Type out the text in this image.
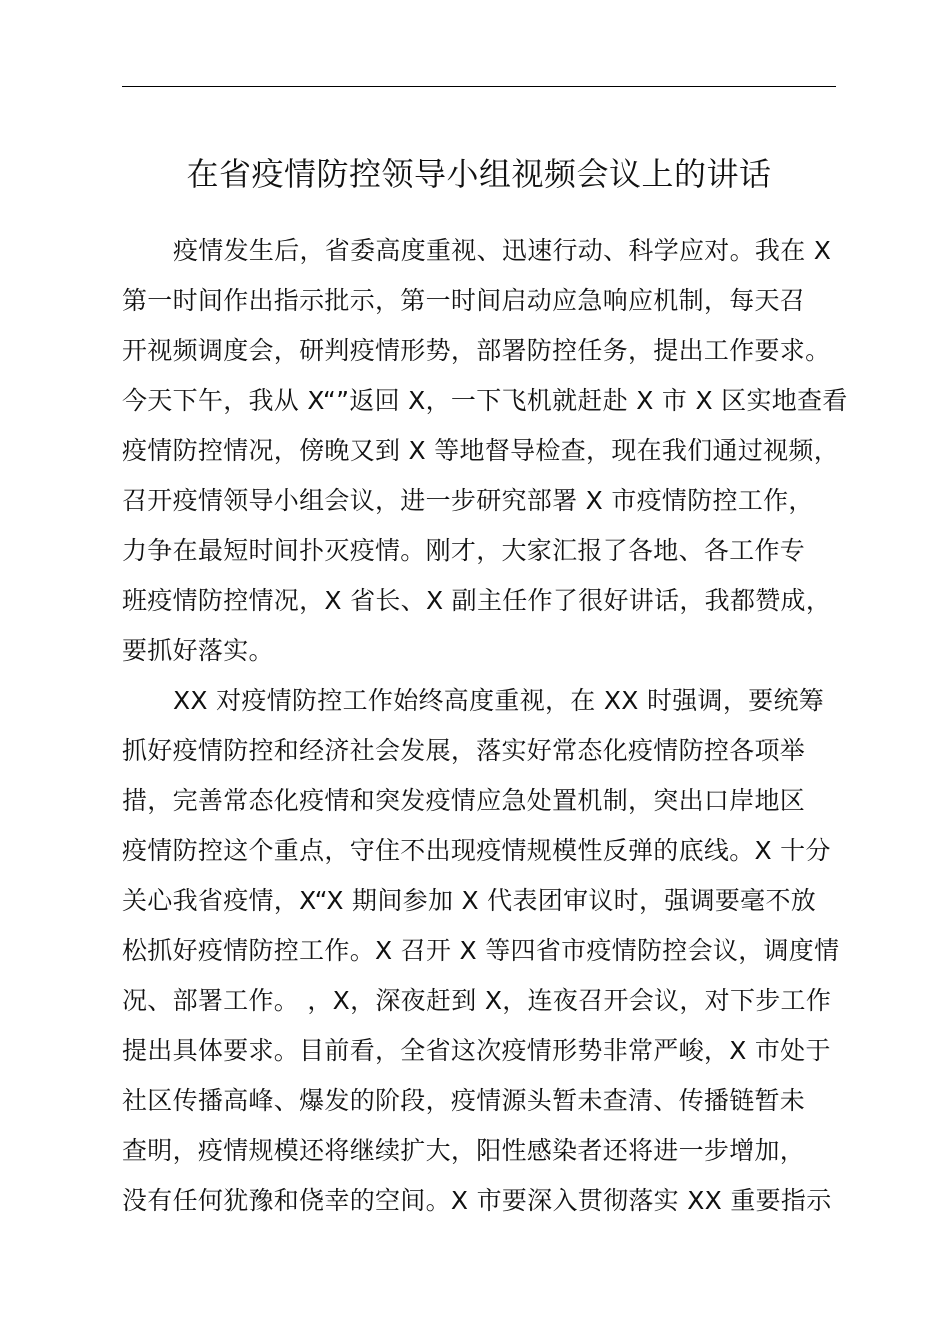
在省疫情防控领导小组视频会议上的讲话
疫情发生后，省委高度重视、迅速行动、科学应对。我在 X
第一时间作出指示批示，第一时间启动应急响应机制，每天召
开视频调度会，研判疫情形势，部署防控任务，提出工作要求。
今天下午，我从 X“”返回 X，一下飞机就赶赴 X 市 X 区实地查看
疫情防控情况，傍晚又到 X 等地督导检查，现在我们通过视频，
召开疫情领导小组会议，进一步研究部署 X 市疫情防控工作，
力争在最短时间扑灭疫情。刚才，大家汇报了各地、各工作专
班疫情防控情况，X 省长、X 副主任作了很好讲话，我都赞成，
要抓好落实。
XX 对疫情防控工作始终高度重视，在 XX 时强调，要统筹
抓好疫情防控和经济社会发展，落实好常态化疫情防控各项举
措，完善常态化疫情和突发疫情应急处置机制，突出口岸地区
疫情防控这个重点，守住不出现疫情规模性反弹的底线。X 十分
关心我省疫情，X“X 期间参加 X 代表团审议时，强调要毫不放
松抓好疫情防控工作。X 召开 X 等四省市疫情防控会议，调度情
况、部署工作。 ，X，深夜赶到 X，连夜召开会议，对下步工作
提出具体要求。目前看，全省这次疫情形势非常严峻，X 市处于
社区传播高峰、爆发的阶段，疫情源头暂未查清、传播链暂未
查明，疫情规模还将继续扩大，阳性感染者还将进一步增加，
没有任何犹豫和侥幸的空间。X 市要深入贯彻落实 XX 重要指示
